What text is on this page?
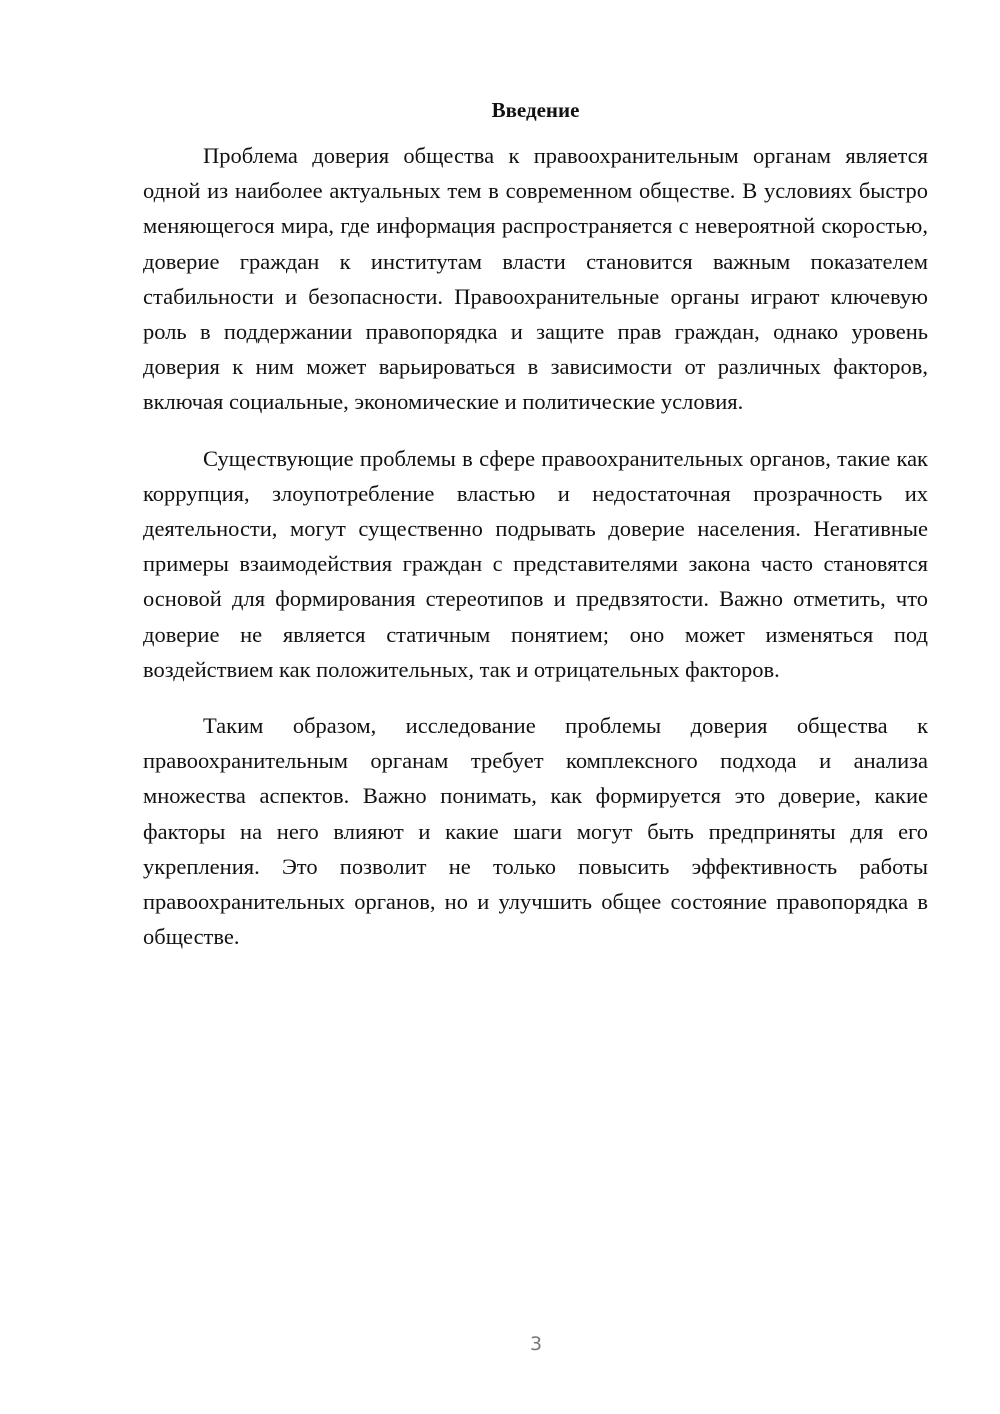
Введение

Проблема доверия общества к правоохранительным органам является одной из наиболее актуальных тем в современном обществе. В условиях быстро меняющегося мира, где информация распространяется с невероятной скоростью, доверие граждан к институтам власти становится важным показателем стабильности и безопасности. Правоохранительные органы играют ключевую роль в поддержании правопорядка и защите прав граждан, однако уровень доверия к ним может варьироваться в зависимости от различных факторов, включая социальные, экономические и политические условия.

Существующие проблемы в сфере правоохранительных органов, такие как коррупция, злоупотребление властью и недостаточная прозрачность их деятельности, могут существенно подрывать доверие населения. Негативные примеры взаимодействия граждан с представителями закона часто становятся основой для формирования стереотипов и предвзятости. Важно отметить, что доверие не является статичным понятием; оно может изменяться под воздействием как положительных, так и отрицательных факторов.

Таким образом, исследование проблемы доверия общества к правоохранительным органам требует комплексного подхода и анализа множества аспектов. Важно понимать, как формируется это доверие, какие факторы на него влияют и какие шаги могут быть предприняты для его укрепления. Это позволит не только повысить эффективность работы правоохранительных органов, но и улучшить общее состояние правопорядка в обществе.

3
